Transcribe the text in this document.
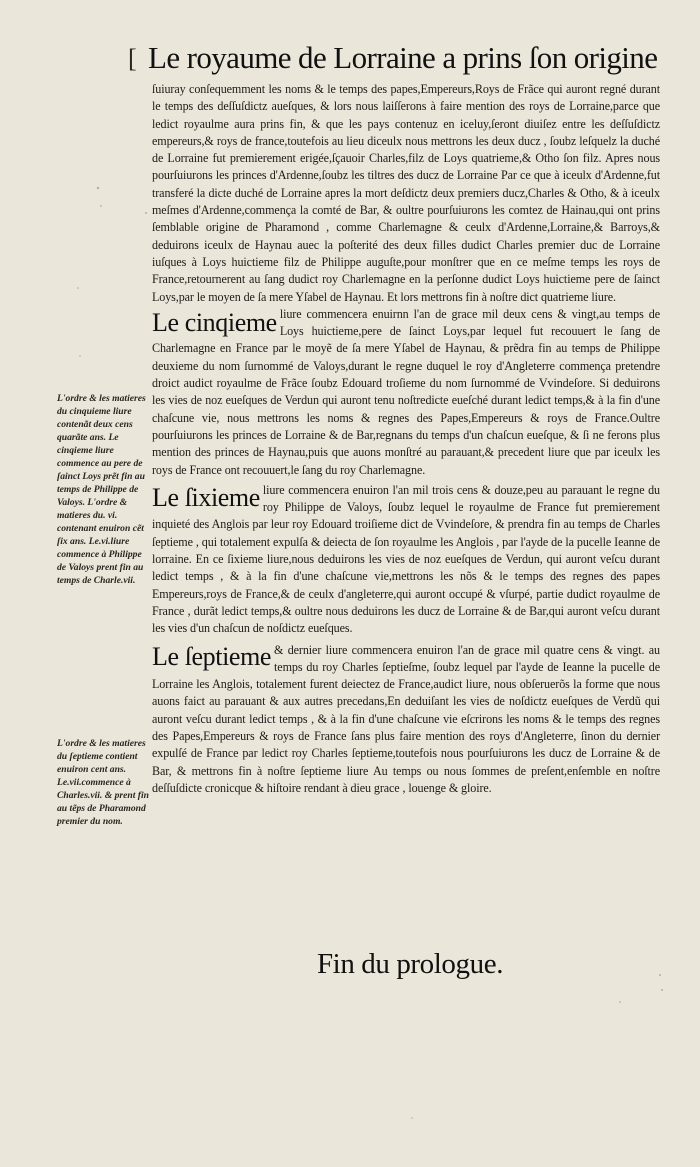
[ Le royaume de Lorraine a prins ſon origine

ſuiuray conſequemment les noms & le temps des papes,Empereurs,Roys de Frãce qui auront regné durant le temps des deſſuſdictz aueſques, & lors nous laiſſerons à faire mention des roys de Lorraine,parce que ledict royaulme aura prins fin, & que les pays contenuz en iceluy,ſeront diuiſez entre les deſſuſdictz empereurs,& roys de france,toutefois au lieu diceulx nous mettrons les deux ducz , ſoubz leſquelz la duché de Lorraine fut premierement erigée,ſçauoir Charles,filz de Loys quatrieme,& Otho ſon filz. Apres nous pourſuiurons les princes d'Ardenne,ſoubz les tiltres des ducz de Lorraine Par ce que à iceulx d'Ardenne,fut transferé la dicte duché de Lorraine apres la mort deſdictz deux premiers ducz,Charles & Otho, & à iceulx meſmes d'Ardenne,commença la comté de Bar, & oultre pourſuiurons les comtez de Hainau,qui ont prins ſemblable origine de Pharamond , comme Charlemagne & ceulx d'Ardenne,Lorraine,& Barroys,& deduirons iceulx de Haynau auec la poſterité des deux filles dudict Charles premier duc de Lorraine iuſques à Loys huictieme filz de Philippe auguſte,pour monſtrer que en ce meſme temps les roys de France,retournerent au ſang dudict roy Charlemagne en la perſonne dudict Loys huictieme pere de ſainct Loys,par le moyen de ſa mere Yſabel de Haynau. Et lors mettrons fin à noſtre dict quatrieme liure.

Le cinqieme liure commencera enuirnn l'an de grace mil deux cens & vingt,au temps de Loys huictieme,pere de ſainct Loys,par lequel fut recouuert le ſang de Charlemagne en France par le moyẽ de ſa mere Yſabel de Haynau, & prẽdra fin au temps de Philippe deuxieme du nom ſurnommé de Valoys,durant le regne duquel le roy d'Angleterre commença pretendre droict audict royaulme de Frãce ſoubz Edouard troſieme du nom ſurnommé de Vvindeſore. Si deduirons les vies de noz eueſques de Verdun qui auront tenu noſtredicte eueſché durant ledict temps,& à la fin d'une chaſcune vie, nous mettrons les noms & regnes des Papes,Empereurs & roys de France.Oultre pourſuiurons les princes de Lorraine & de Bar,regnans du temps d'un chaſcun eueſque, & ſi ne ferons plus mention des princes de Haynau,puis que auons monſtré au parauant,& precedent liure que par iceulx les roys de France ont recouuert,le ſang du roy Charlemagne.

Le ſixieme liure commencera enuiron l'an mil trois cens & douze,peu au parauant le regne du roy Philippe de Valoys, ſoubz lequel le royaulme de France fut premierement inquieté des Anglois par leur roy Edouard troiſieme dict de Vvindeſore, & prendra fin au temps de Charles ſeptieme , qui totalement expulſa & deiecta de ſon royaulme les Anglois , par l'ayde de la pucelle Ieanne de lorraine. En ce ſixieme liure,nous deduirons les vies de noz eueſques de Verdun, qui auront veſcu durant ledict temps , & à la fin d'une chaſcune vie,mettrons les nõs & le temps des regnes des papes Empereurs,roys de France,& de ceulx d'angleterre,qui auront occupé & vſurpé, partie dudict royaulme de France , durãt ledict temps,& oultre nous deduirons les ducz de Lorraine & de Bar,qui auront veſcu durant les vies d'un chaſcun de noſdictz eueſques.

Le ſeptieme & dernier liure commencera enuiron l'an de grace mil quatre cens & vingt. au temps du roy Charles ſeptieſme, ſoubz lequel par l'ayde de Ieanne la pucelle de Lorraine les Anglois, totalement furent deiectez de France,audict liure, nous obſeruerõs la forme que nous auons faict au parauant & aux autres precedans,En deduiſant les vies de noſdictz eueſques de Verdũ qui auront veſcu durant ledict temps , & à la fin d'une chaſcune vie eſcrirons les noms & le temps des regnes des Papes,Empereurs & roys de France ſans plus faire mention des roys d'Angleterre, ſinon du dernier expulſé de France par ledict roy Charles ſeptieme,toutefois nous pourſuiurons les ducz de Lorraine & de Bar, & mettrons fin à noſtre ſeptieme liure Au temps ou nous ſommes de preſent,enſemble en noſtre deſſuſdicte cronicque & hiſtoire rendant à dieu grace , louenge & gloire.

L'ordre & les matieres du cinquieme liure contenãt deux cens quarãte ans. Le cinqieme liure commence au pere de ſainct Loys prẽt fin au temps de Philippe de Valoys. L'ordre & matieres du. vi. contenant enuiron cẽt ſix ans. Le.vi.liure commence à Philippe de Valoys prent fin au temps de Charle.vii.
L'ordre & les matieres du ſeptieme contient enuiron cent ans. Le.vii.commence à Charles.vii. & prent fin au tẽps de Pharamond premier du nom.
Fin du prologue.
